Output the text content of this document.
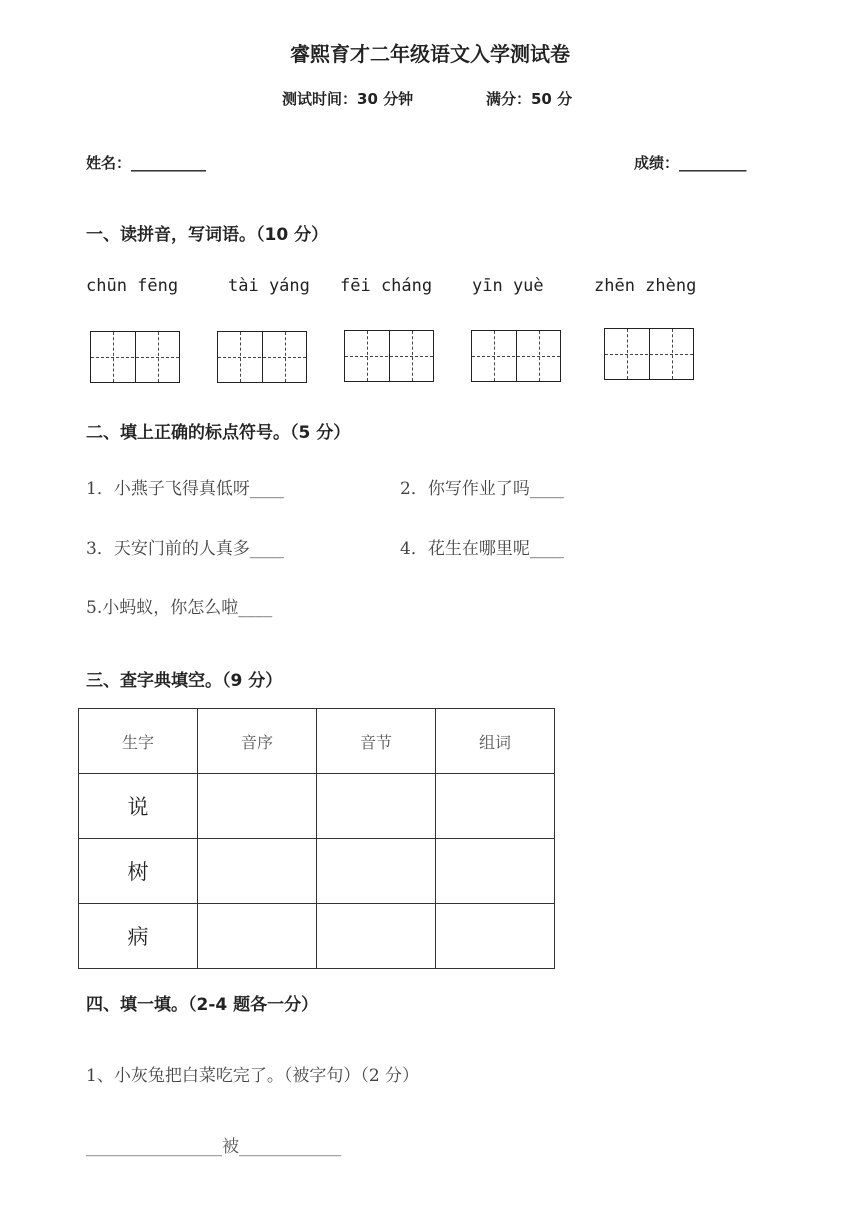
睿熙育才二年级语文入学测试卷
测试时间：30 分钟	满分：50 分
姓名：__________	成绩：_________
一、读拼音，写词语。（10 分）
chūn fēng	tài yáng fēi cháng yīn yuè	zhēn zhèng
二、填上正确的标点符号。（5 分）
1．小燕子飞得真低呀____	2．你写作业了吗____
3．天安门前的人真多____	4．花生在哪里呢____
5.小蚂蚁，你怎么啦____
三、查字典填空。（9 分）
生字	音序	音节	组词
说			
树			
病			
四、填一填。（2-4 题各一分）
1、小灰兔把白菜吃完了。（被字句）（2 分）
________________被____________
